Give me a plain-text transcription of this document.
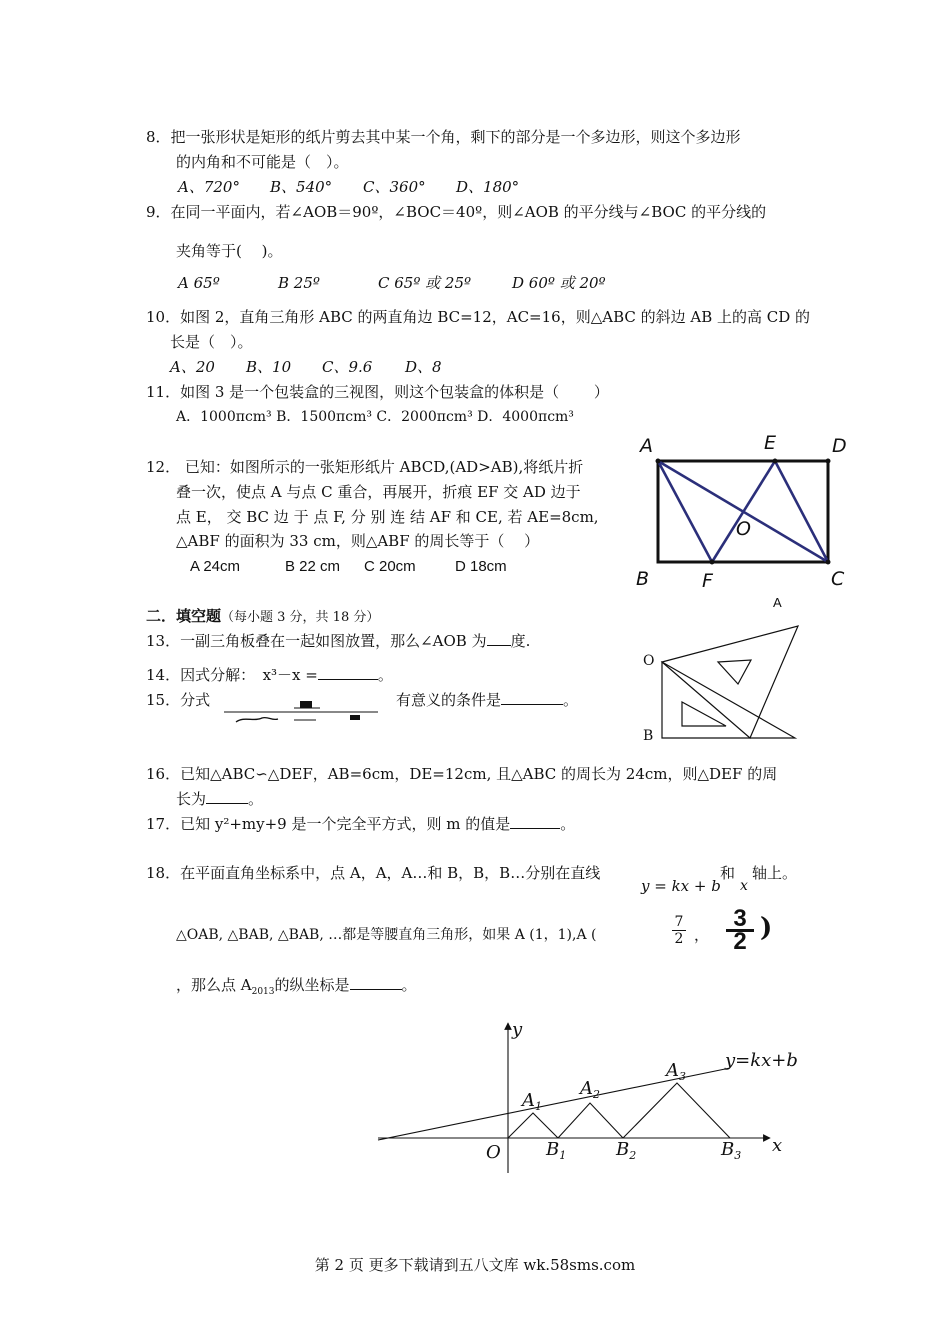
8．把一张形状是矩形的纸片剪去其中某一个角，剩下的部分是一个多边形，则这个多边形
的内角和不可能是（　）。
A、720° B、540° C、360° D、180°
9．在同一平面内，若∠AOB＝90º，∠BOC＝40º，则∠AOB 的平分线与∠BOC 的平分线的
夹角等于(　 )。
A 65º	B 25º	C 65º 或 25º	D 60º 或 20º
10．如图 2，直角三角形 ABC 的两直角边 BC=12，AC=16，则△ABC 的斜边 AB 上的高 CD 的
长是（　）。
A、20 B、10 C、9.6 D、8
11．如图 3 是一个包装盒的三视图，则这个包装盒的体积是（　　 ）
A．1000πcm³ B．1500πcm³ C．2000πcm³ D．4000πcm³
12． 已知：如图所示的一张矩形纸片 ABCD,(AD>AB),将纸片折
叠一次，使点 A 与点 C 重合，再展开，折痕 EF 交 AD 边于
点 E， 交 BC 边 于 点 F, 分 别 连 结 AF 和 CE, 若 AE=8cm,
△ABF 的面积为 33 cm，则△ABF 的周长等于（　 ）
A 24cm	B 22 cm C 20cm	D 18cm
A	E	D
O
B	F	C
A
二．填空题（每小题 3 分，共 18 分）
13．一副三角板叠在一起如图放置，那么∠AOB 为 度.
O
B
14．因式分解：　x³－x =	。
15．分式	有意义的条件是	。
16．已知△ABC∽△DEF，AB=6cm，DE=12cm, 且△ABC 的周长为 24cm，则△DEF 的周
长为	。
17．已知 y²+my+9 是一个完全平方式，则 m 的值是	。
18．在平面直角坐标系中，点 A，A，A…和 B，B，B…分别在直线
y = kx + b
和
x
轴上。
△OAB, △BAB, △BAB, …都是等腰直角三角形，如果 A (1，1),A (	$\frac{7}{2}$ ， $\frac{3}{2}$ )
，那么点 $A_{2013}$的纵坐标是	。
y
x
O
y=kx+b
$A_1$
$A_2$
$A_3$
$B_1$	$B_2$	$B_3$
第 2 页 更多下载请到五八文库 wk.58sms.com
